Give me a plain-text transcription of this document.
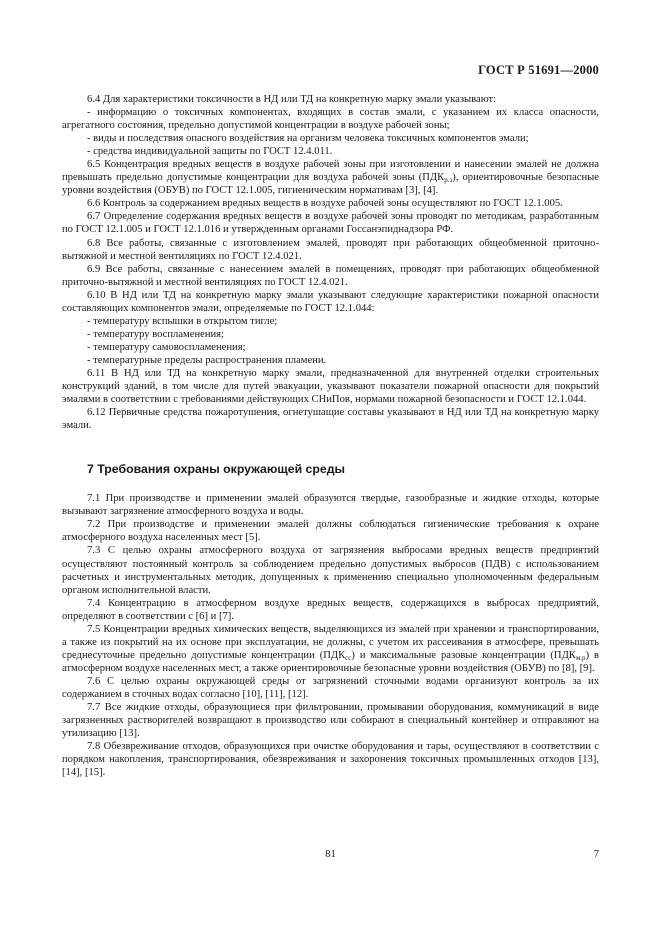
ГОСТ Р 51691—2000

6.4 Для характеристики токсичности в НД или ТД на конкретную марку эмали указывают:

- информацию о токсичных компонентах, входящих в состав эмали, с указанием их класса опасности, агрегатного состояния, предельно допустимой концентрации в воздухе рабочей зоны;

- виды и последствия опасного воздействия на организм человека токсичных компонентов эмали;

- средства индивидуальной защиты по ГОСТ 12.4.011.

6.5 Концентрация вредных веществ в воздухе рабочей зоны при изготовлении и нанесении эмалей не должна превышать предельно допустимые концентрации для воздуха рабочей зоны $(ПДК_{р.з})$, ориентировочные безопасные уровни воздействия (ОБУВ) по ГОСТ 12.1.005, гигиеническим нормативам [3], [4].

6.6 Контроль за содержанием вредных веществ в воздухе рабочей зоны осуществляют по ГОСТ 12.1.005.

6.7 Определение содержания вредных веществ в воздухе рабочей зоны проводят по методикам, разработанным по ГОСТ 12.1.005 и ГОСТ 12.1.016 и утвержденным органами Госсанэпиднадзора РФ.

6.8 Все работы, связанные с изготовлением эмалей, проводят при работающих общеобменной приточно-вытяжной и местной вентиляциях по ГОСТ 12.4.021.

6.9 Все работы, связанные с нанесением эмалей в помещениях, проводят при работающих общеобменной приточно-вытяжной и местной вентиляциях по ГОСТ 12.4.021.

6.10 В НД или ТД на конкретную марку эмали указывают следующие характеристики пожарной опасности составляющих компонентов эмали, определяемые по ГОСТ 12.1.044:

- температуру вспышки в открытом тигле;

- температуру воспламенения;

- температуру самовоспламенения;

- температурные пределы распространения пламени.

6.11 В НД или ТД на конкретную марку эмали, предназначенной для внутренней отделки строительных конструкций зданий, в том числе для путей эвакуации, указывают показатели пожарной опасности для покрытий эмалями в соответствии с требованиями действующих СНиПов, нормами пожарной безопасности и ГОСТ 12.1.044.

6.12 Первичные средства пожаротушения, огнетушащие составы указывают в НД или ТД на конкретную марку эмали.

7 Требования охраны окружающей среды

7.1 При производстве и применении эмалей образуются твердые, газообразные и жидкие отходы, которые вызывают загрязнение атмосферного воздуха и воды.

7.2 При производстве и применении эмалей должны соблюдаться гигиенические требования к охране атмосферного воздуха населенных мест [5].

7.3 С целью охраны атмосферного воздуха от загрязнения выбросами вредных веществ предприятий осуществляют постоянный контроль за соблюдением предельно допустимых выбросов (ПДВ) с использованием расчетных и инструментальных методик, допущенных к применению специально уполномоченным федеральным органом исполнительной власти.

7.4 Концентрацию в атмосферном воздухе вредных веществ, содержащихся в выбросах предприятий, определяют в соответствии с [6] и [7].

7.5 Концентрации вредных химических веществ, выделяющихся из эмалей при хранении и транспортировании, а также из покрытий на их основе при эксплуатации, не должны, с учетом их рассеивания в атмосфере, превышать среднесуточные предельно допустимые концентрации $(ПДК_{сс})$ и максимальные разовые концентрации $(ПДК_{м.р})$ в атмосферном воздухе населенных мест, а также ориентировочные безопасные уровни воздействия (ОБУВ) по [8], [9].

7.6 С целью охраны окружающей среды от загрязнений сточными водами организуют контроль за их содержанием в сточных водах согласно [10], [11], [12].

7.7 Все жидкие отходы, образующиеся при фильтровании, промывании оборудования, коммуникаций в виде загрязненных растворителей возвращают в производство или собирают в специальный контейнер и отправляют на утилизацию [13].

7.8 Обезвреживание отходов, образующихся при очистке оборудования и тары, осуществляют в соответствии с порядком накопления, транспортирования, обезвреживания и захоронения токсичных промышленных отходов [13], [14], [15].

81	7
